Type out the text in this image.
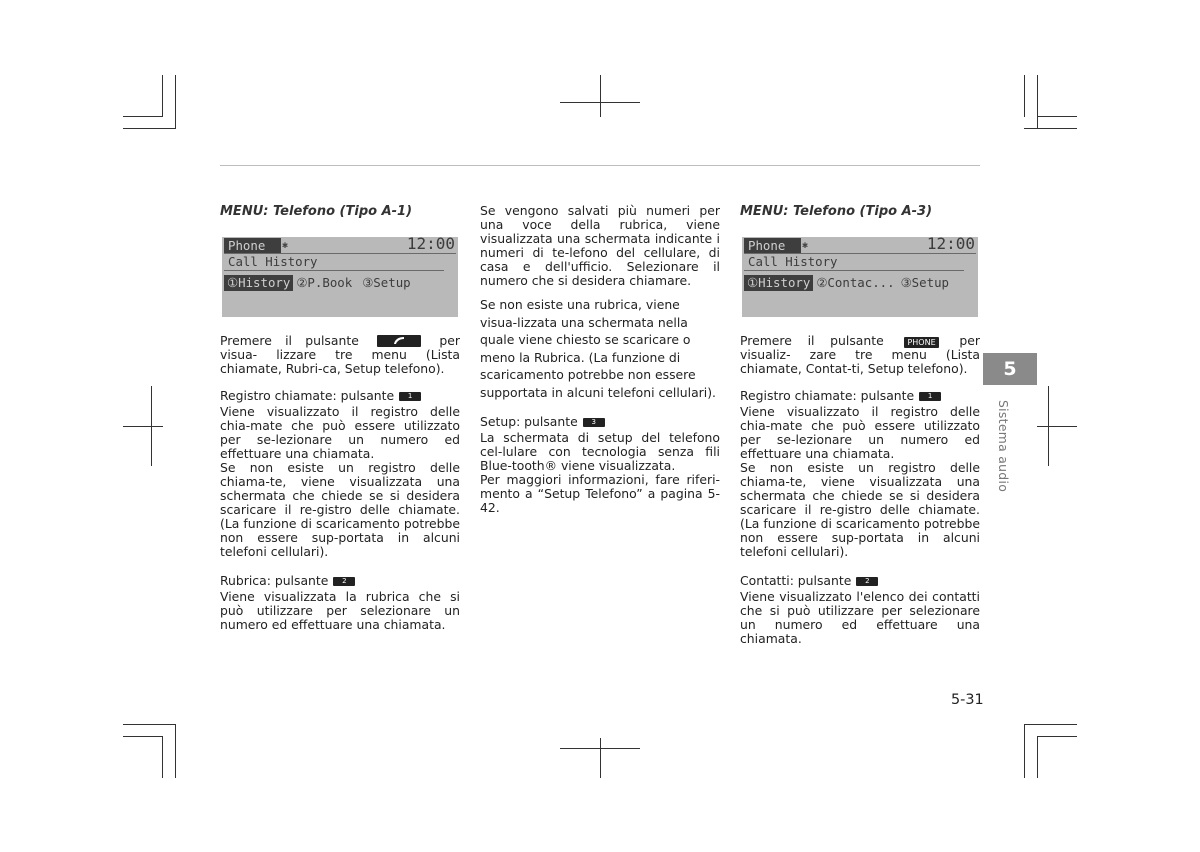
MENU: Telefono (Tipo A-1)
Phone	✱	12:00
Call History
①History ②P.Book ③Setup

Premere il pulsante	per visua- lizzare tre menu (Lista chiamate, Rubri-ca, Setup telefono).

Registro chiamate: pulsante	1

Viene visualizzato il registro delle chia-mate che può essere utilizzato per se-lezionare un numero ed effettuare una chiamata.

Se non esiste un registro delle chiama-te, viene visualizzata una schermata che chiede se si desidera scaricare il re-gistro delle chiamate. (La funzione di scaricamento potrebbe non essere sup-portata in alcuni telefoni cellulari).

Rubrica: pulsante	2

Viene visualizzata la rubrica che si può utilizzare per selezionare un numero ed effettuare una chiamata.

Se vengono salvati più numeri per una voce della rubrica, viene visualizzata una schermata indicante i numeri di te-lefono del cellulare, di casa e dell'ufficio. Selezionare il numero che si desidera chiamare.

Se non esiste una rubrica, viene visua-lizzata una schermata nella quale viene chiesto se scaricare o meno la Rubrica. (La funzione di scaricamento potrebbe non essere supportata in alcuni telefoni cellulari).

Setup: pulsante	3

La schermata di setup del telefono cel-lulare con tecnologia senza fili Blue-tooth® viene visualizzata.

Per maggiori informazioni, fare riferi-mento a “Setup Telefono” a pagina 5-42.

MENU: Telefono (Tipo A-3)
Phone	✱	12:00
Call History
①History ②Contac... ③Setup

Premere il pulsante	PHONE per visualiz- zare tre menu (Lista chiamate, Contat-ti, Setup telefono).

Registro chiamate: pulsante	1

Viene visualizzato il registro delle chia-mate che può essere utilizzato per se-lezionare un numero ed effettuare una chiamata.

Se non esiste un registro delle chiama-te, viene visualizzata una schermata che chiede se si desidera scaricare il re-gistro delle chiamate. (La funzione di scaricamento potrebbe non essere sup-portata in alcuni telefoni cellulari).

Contatti: pulsante	2

Viene visualizzato l'elenco dei contatti che si può utilizzare per selezionare un numero ed effettuare una chiamata.

5
Sistema audio
5-31
